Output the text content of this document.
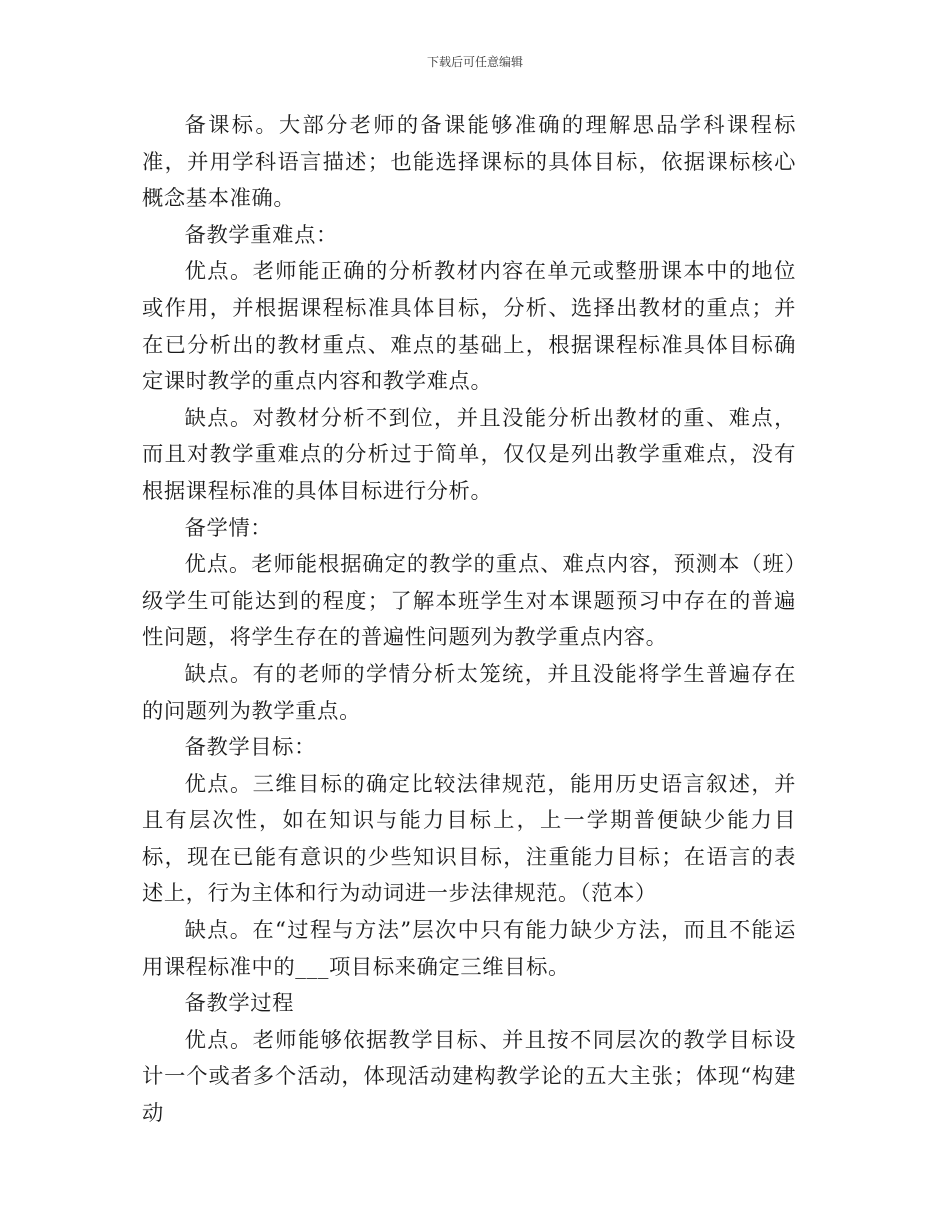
下载后可任意编辑

备课标。大部分老师的备课能够准确的理解思品学科课程标准，并用学科语言描述；也能选择课标的具体目标，依据课标核心概念基本准确。

备教学重难点：

优点。老师能正确的分析教材内容在单元或整册课本中的地位或作用，并根据课程标准具体目标，分析、选择出教材的重点；并在已分析出的教材重点、难点的基础上，根据课程标准具体目标确定课时教学的重点内容和教学难点。

缺点。对教材分析不到位，并且没能分析出教材的重、难点，而且对教学重难点的分析过于简单，仅仅是列出教学重难点，没有根据课程标准的具体目标进行分析。

备学情：

优点。老师能根据确定的教学的重点、难点内容，预测本（班）级学生可能达到的程度；了解本班学生对本课题预习中存在的普遍性问题，将学生存在的普遍性问题列为教学重点内容。

缺点。有的老师的学情分析太笼统，并且没能将学生普遍存在的问题列为教学重点。

备教学目标：

优点。三维目标的确定比较法律规范，能用历史语言叙述，并且有层次性，如在知识与能力目标上，上一学期普便缺少能力目标，现在已能有意识的少些知识目标，注重能力目标；在语言的表述上，行为主体和行为动词进一步法律规范。（范本）

缺点。在“过程与方法”层次中只有能力缺少方法，而且不能运用课程标准中的___项目标来确定三维目标。

备教学过程

优点。老师能够依据教学目标、并且按不同层次的教学目标设计一个或者多个活动，体现活动建构教学论的五大主张；体现“构建动
